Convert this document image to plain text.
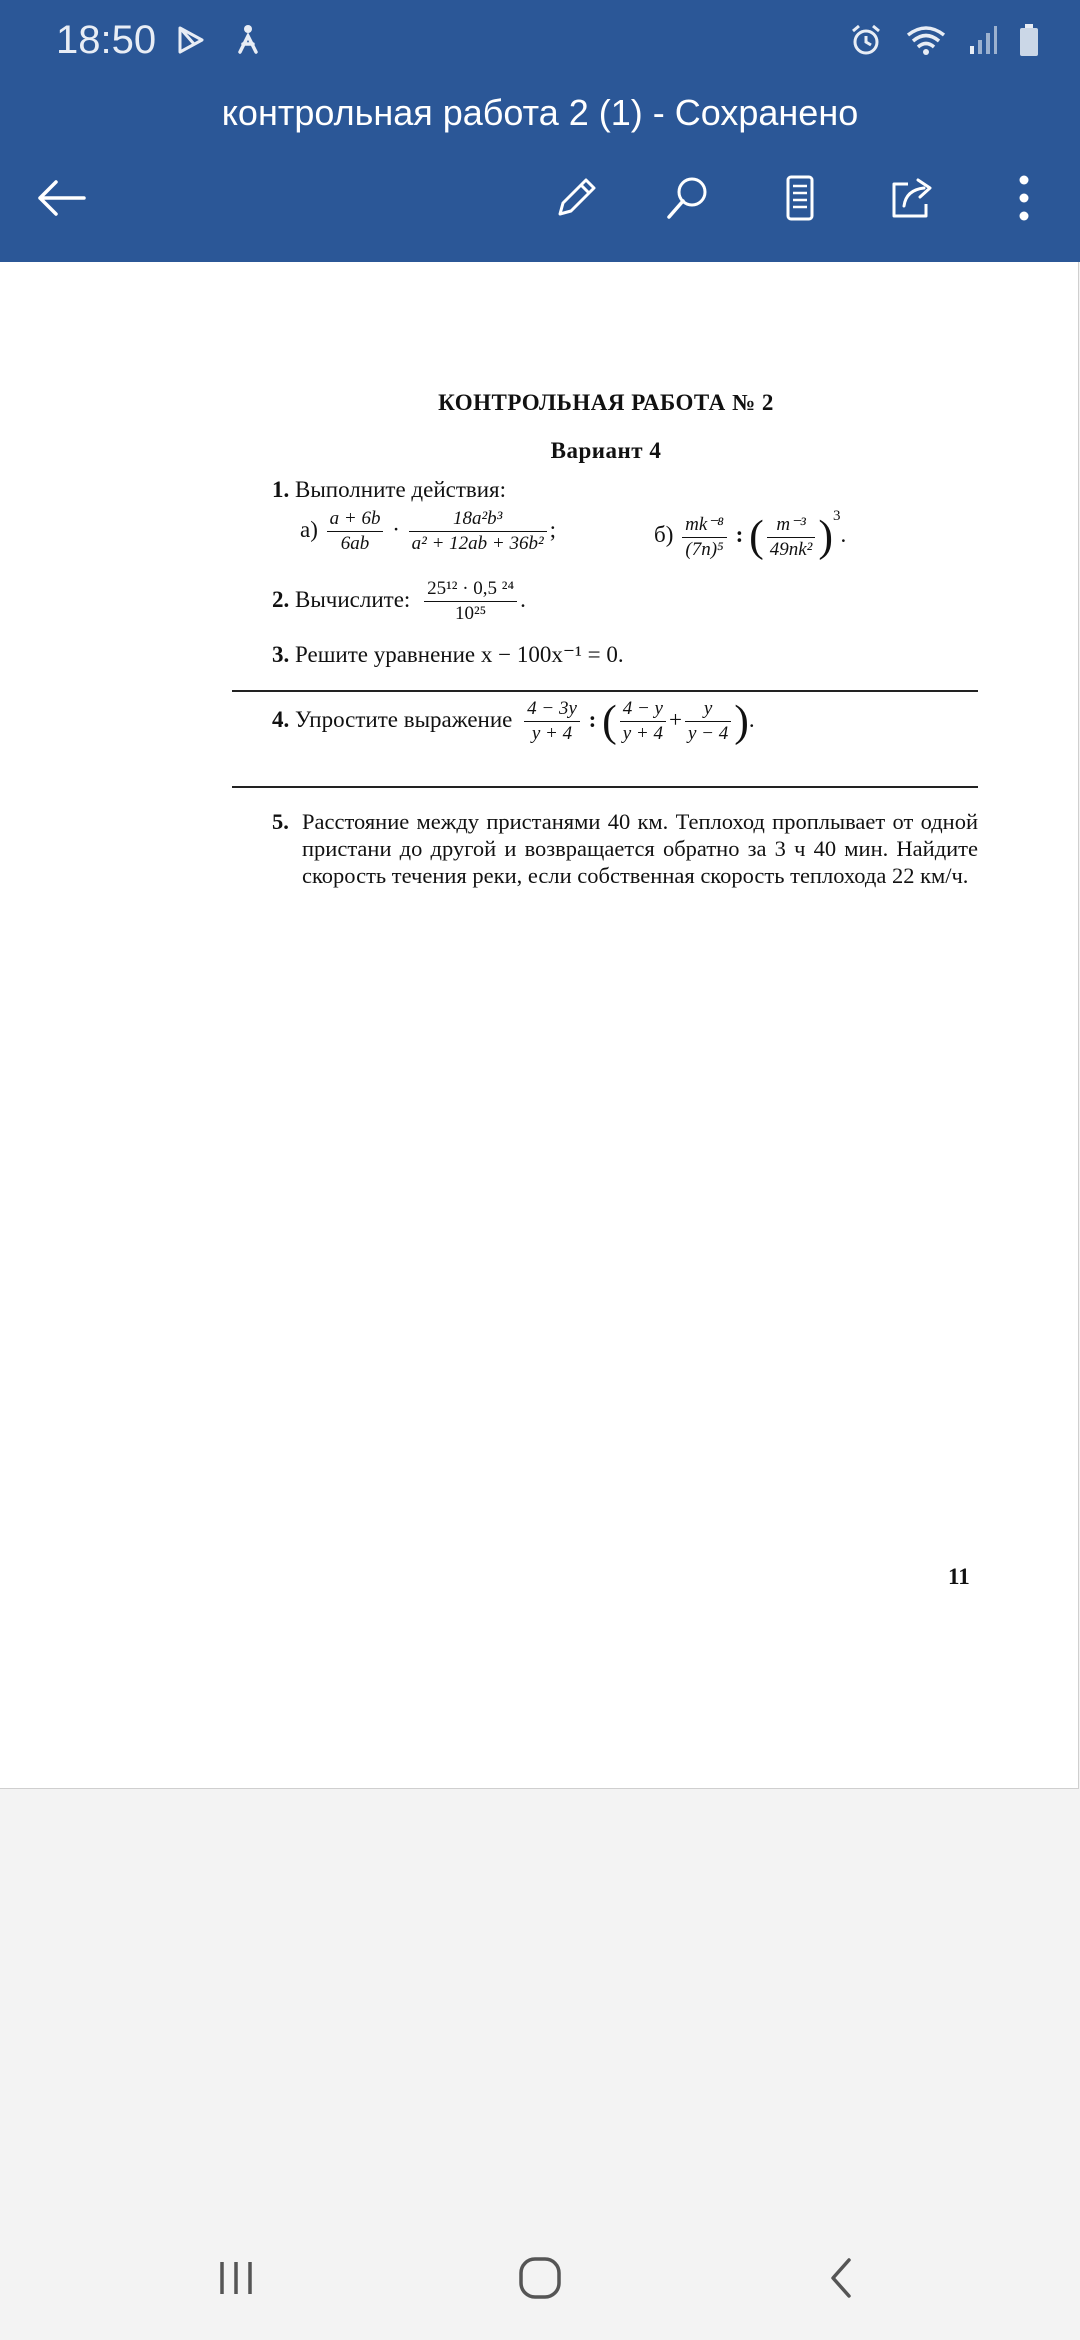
18:50
контрольная работа 2 (1) - Сохранено
КОНТРОЛЬНАЯ РАБОТА № 2
Вариант 4
1. Выполните действия:
$а) \frac{a + 6b}{6ab} \cdot \frac{\text{18a²b³}}{\text{a² + 12ab + 36b²}}$ ;	$б) \frac{\text{mk⁻⁸}}{\text{(7n)⁵}}$ : ( $\frac{\text{m⁻³}}{\text{49nk²}} )^3$.
2. Вычислите: $\frac{\text{25¹² · 0,5 ²⁴}}{\text{10²⁵}}$ .
3. Решите уравнение x − 100x⁻¹ = 0.
4. Упростите выражение $\frac{4 - 3y}{y + 4}$ : ( $\frac{4 - y}{y + 4} + \frac{y}{y - 4}$ ).
5. Расстояние между пристанями 40 км. Теплоход проплывает от одной пристани до другой и возвращается обратно за 3 ч 40 мин. Найдите скорость течения реки, если собственная скорость теплохода 22 км/ч.
11
